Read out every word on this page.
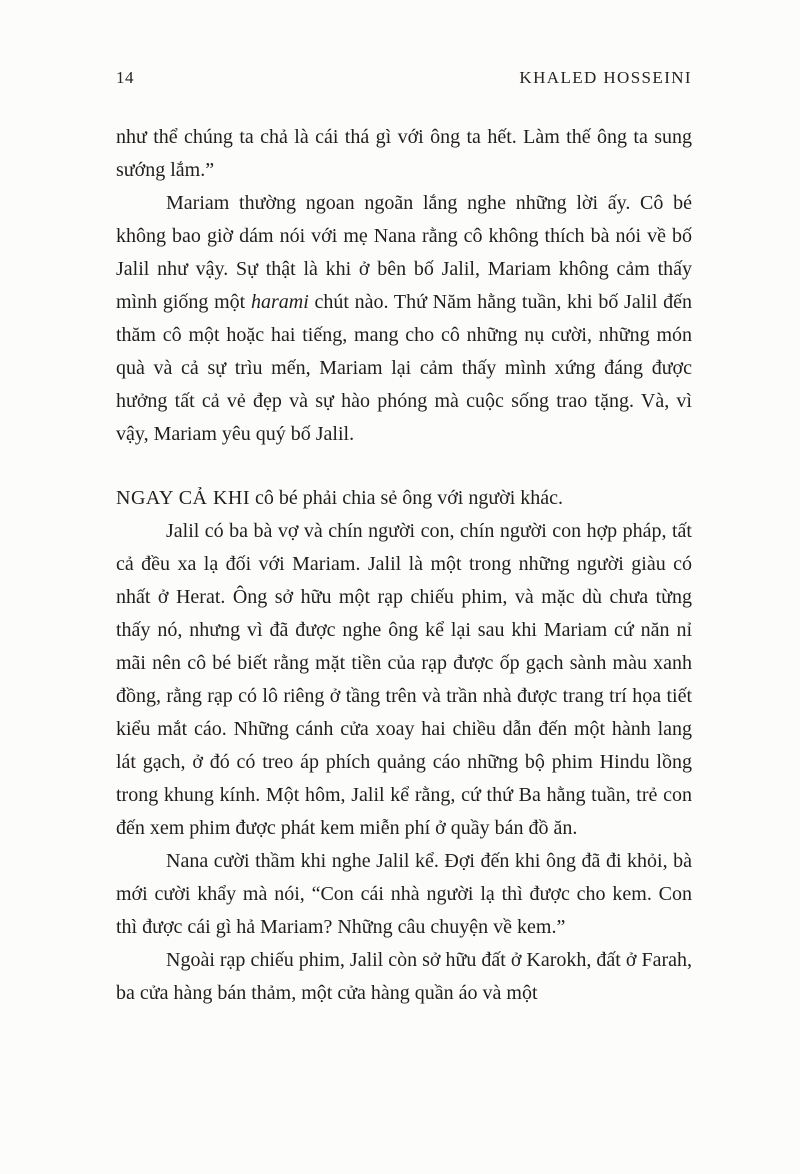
14	KHALED HOSSEINI

như thể chúng ta chả là cái thá gì với ông ta hết. Làm thế ông ta sung sướng lắm.”

Mariam thường ngoan ngoãn lắng nghe những lời ấy. Cô bé không bao giờ dám nói với mẹ Nana rằng cô không thích bà nói về bố Jalil như vậy. Sự thật là khi ở bên bố Jalil, Mariam không cảm thấy mình giống một harami chút nào. Thứ Năm hằng tuần, khi bố Jalil đến thăm cô một hoặc hai tiếng, mang cho cô những nụ cười, những món quà và cả sự trìu mến, Mariam lại cảm thấy mình xứng đáng được hưởng tất cả vẻ đẹp và sự hào phóng mà cuộc sống trao tặng. Và, vì vậy, Mariam yêu quý bố Jalil.

NGAY CẢ KHI cô bé phải chia sẻ ông với người khác.

Jalil có ba bà vợ và chín người con, chín người con hợp pháp, tất cả đều xa lạ đối với Mariam. Jalil là một trong những người giàu có nhất ở Herat. Ông sở hữu một rạp chiếu phim, và mặc dù chưa từng thấy nó, nhưng vì đã được nghe ông kể lại sau khi Mariam cứ năn nỉ mãi nên cô bé biết rằng mặt tiền của rạp được ốp gạch sành màu xanh đồng, rằng rạp có lô riêng ở tầng trên và trần nhà được trang trí họa tiết kiểu mắt cáo. Những cánh cửa xoay hai chiều dẫn đến một hành lang lát gạch, ở đó có treo áp phích quảng cáo những bộ phim Hindu lồng trong khung kính. Một hôm, Jalil kể rằng, cứ thứ Ba hằng tuần, trẻ con đến xem phim được phát kem miễn phí ở quầy bán đồ ăn.

Nana cười thầm khi nghe Jalil kể. Đợi đến khi ông đã đi khỏi, bà mới cười khẩy mà nói, “Con cái nhà người lạ thì được cho kem. Con thì được cái gì hả Mariam? Những câu chuyện về kem.”

Ngoài rạp chiếu phim, Jalil còn sở hữu đất ở Karokh, đất ở Farah, ba cửa hàng bán thảm, một cửa hàng quần áo và một
